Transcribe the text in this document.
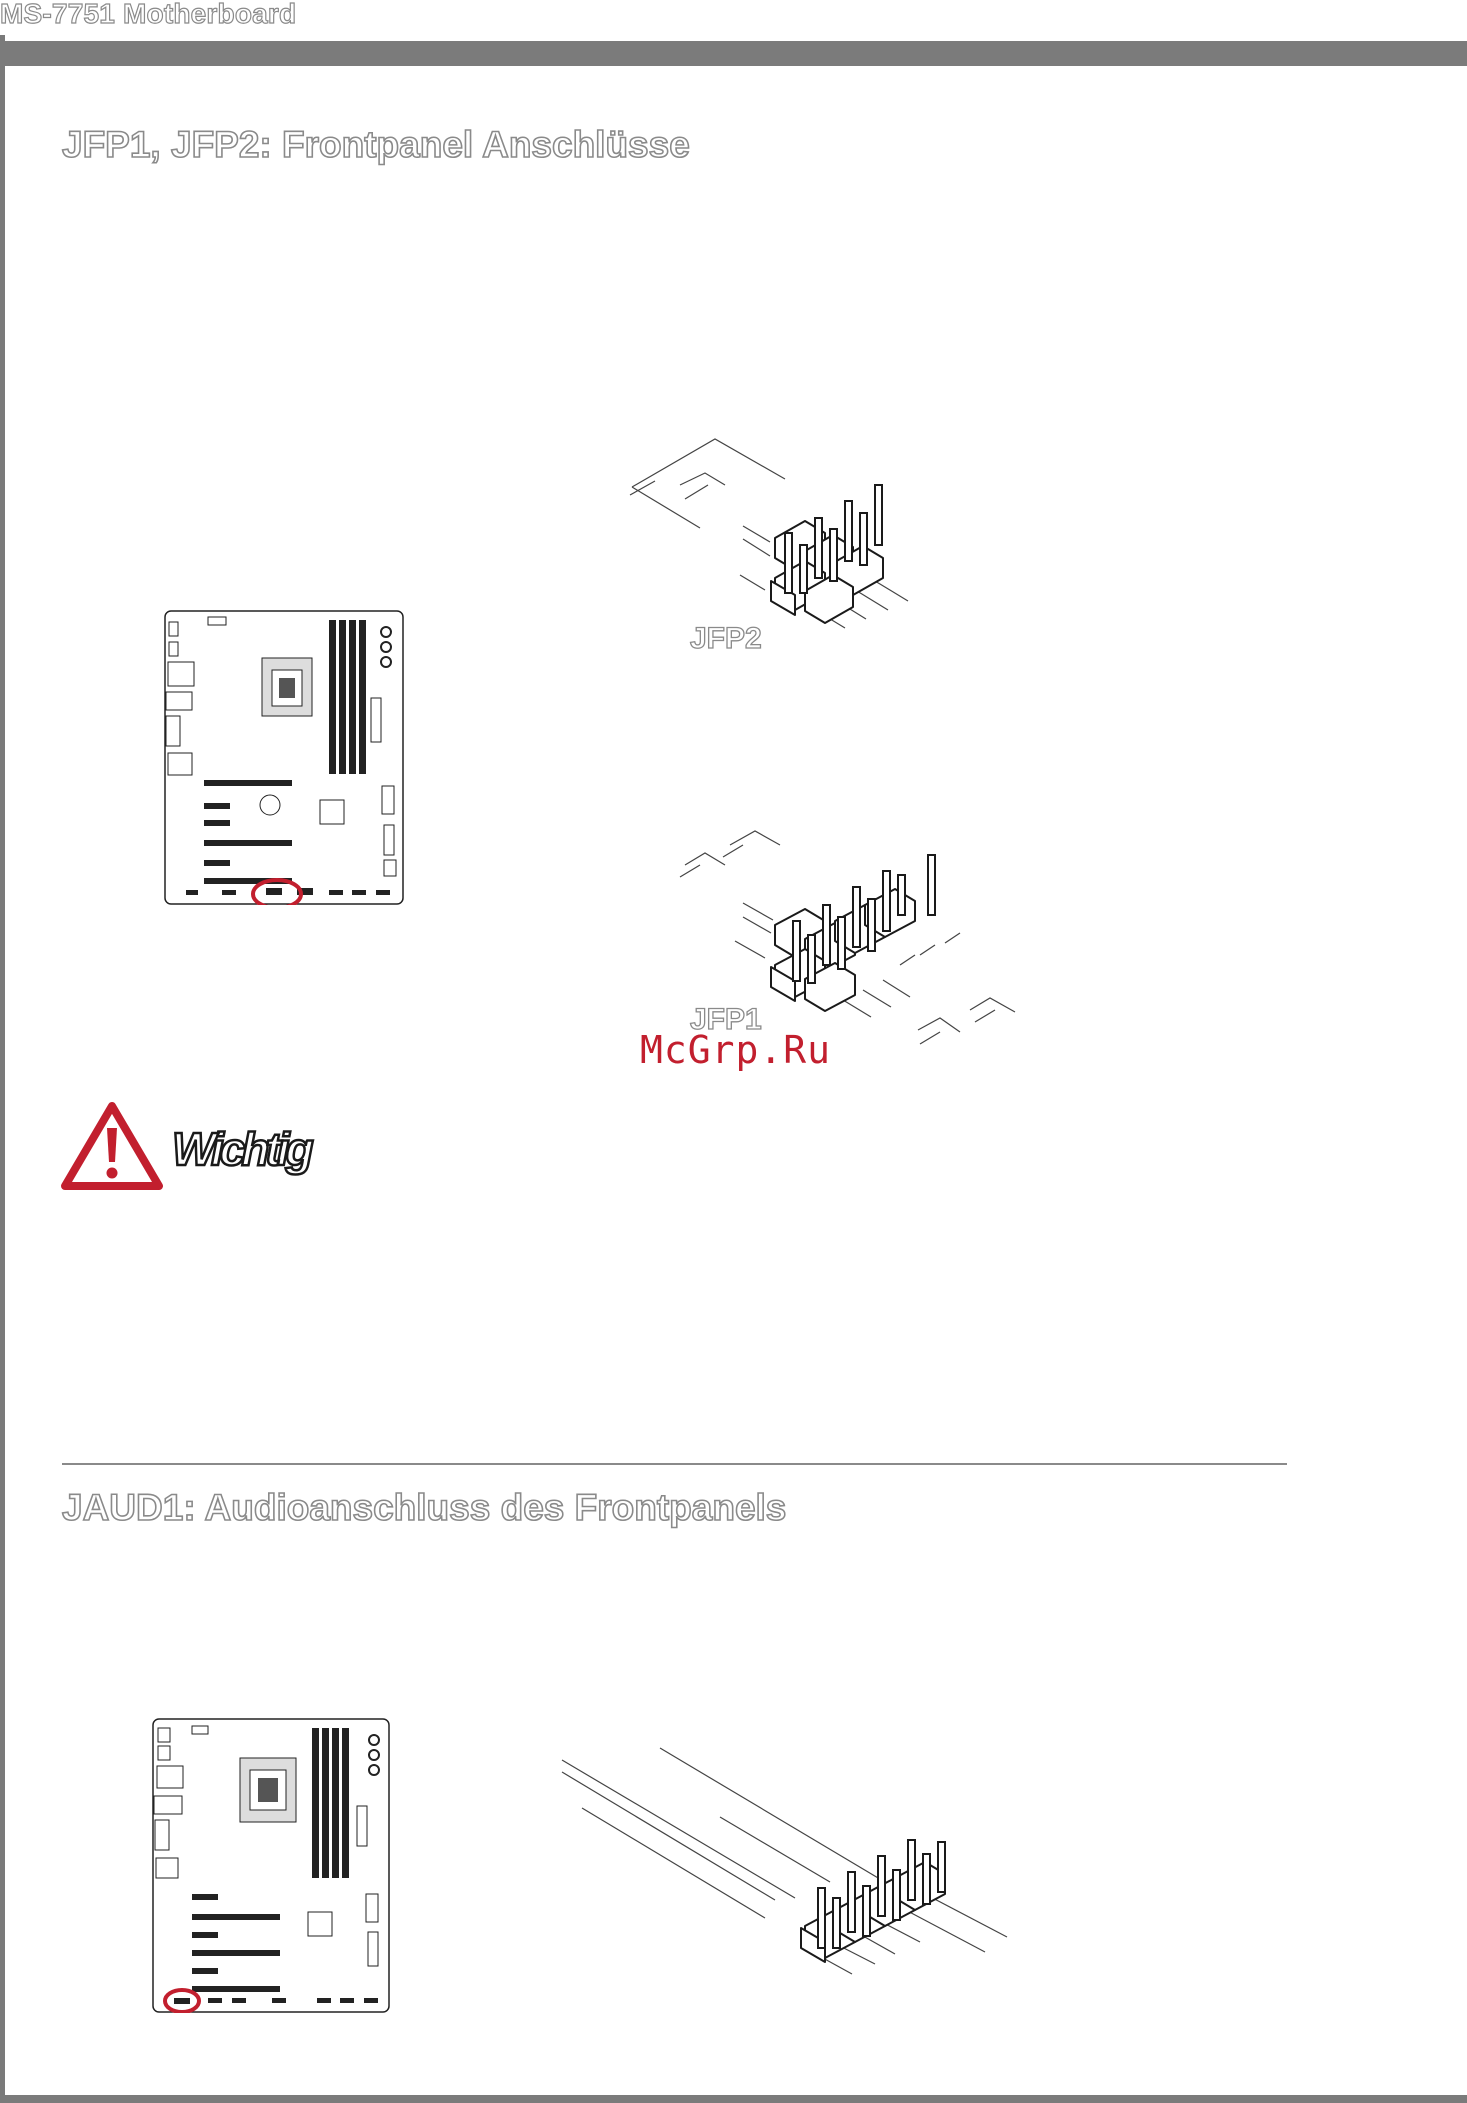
MS-7751 Motherboard
JFP1, JFP2: Frontpanel Anschlüsse
JFP2
JFP1
McGrp.Ru
Wichtig
JAUD1: Audioanschluss des Frontpanels
